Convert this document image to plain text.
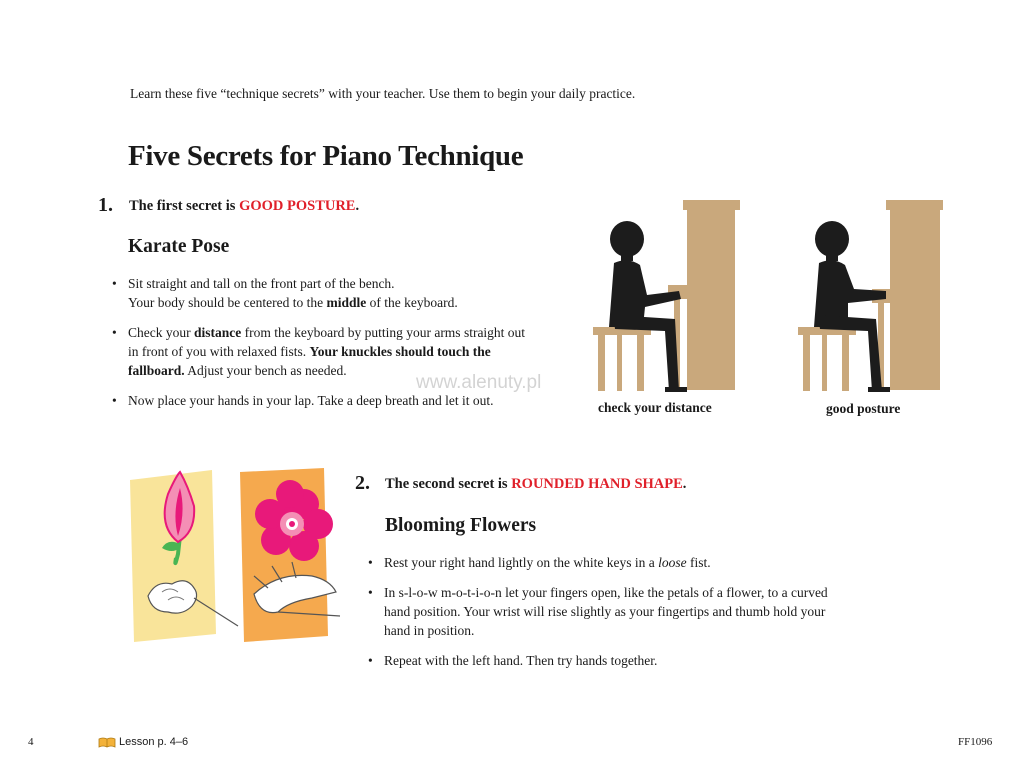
Learn these five “technique secrets” with your teacher. Use them to begin your daily practice.
Five Secrets for Piano Technique
1. The first secret is GOOD POSTURE.
Karate Pose
• Sit straight and tall on the front part of the bench.
Your body should be centered to the middle of the keyboard.
• Check your distance from the keyboard by putting your arms straight out in front of you with relaxed fists. Your knuckles should touch the fallboard. Adjust your bench as needed.
• Now place your hands in your lap. Take a deep breath and let it out.	check your distance	good posture
www.alenuty.pl
2. The second secret is ROUNDED HAND SHAPE.
Blooming Flowers
• Rest your right hand lightly on the white keys in a loose fist.
• In s-l-o-w m-o-t-i-o-n let your fingers open, like the petals of a flower, to a curved hand position. Your wrist will rise slightly as your fingertips and thumb hold your hand in position.
• Repeat with the left hand. Then try hands together.
4	Lesson p. 4–6	FF1096
